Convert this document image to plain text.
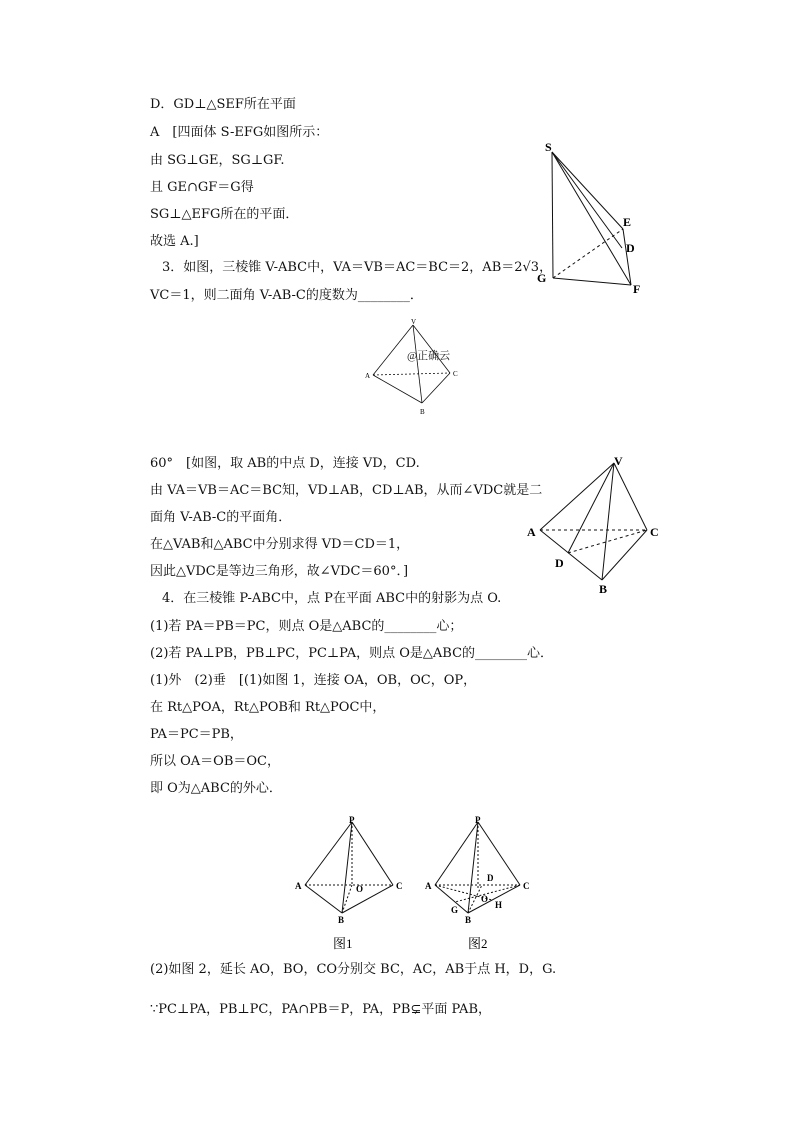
D．GD⊥△SEF所在平面
A　[四面体 S-EFG如图所示：
由 SG⊥GE，SG⊥GF.
且 GE∩GF＝G得
SG⊥△EFG所在的平面．
故选 A.]
3．如图，三棱锥 V-ABC中，VA＝VB＝AC＝BC＝2，AB＝2√3，
VC＝1，则二面角 V-AB-C的度数为________．
60°　[如图，取 AB的中点 D，连接 VD，CD.
由 VA＝VB＝AC＝BC知，VD⊥AB，CD⊥AB，从而∠VDC就是二
面角 V-AB-C的平面角．
在△VAB和△ABC中分别求得 VD＝CD＝1，
因此△VDC是等边三角形，故∠VDC＝60°．]
4．在三棱锥 P-ABC中，点 P在平面 ABC中的射影为点 O.
(1)若 PA＝PB＝PC，则点 O是△ABC的________心；
(2)若 PA⊥PB，PB⊥PC，PC⊥PA，则点 O是△ABC的________心．
(1)外　(2)垂　[(1)如图 1，连接 OA，OB，OC，OP，
在 Rt△POA，Rt△POB和 Rt△POC中，
PA＝PC＝PB，
所以 OA＝OB＝OC，
即 O为△ABC的外心．
(2)如图 2，延长 AO，BO，CO分别交 BC，AC，AB于点 H，D，G.
∵PC⊥PA，PB⊥PC，PA∩PB＝P，PA，PB⊊平面 PAB，
S
E
D
G
F
V
A	C
B
@正确云
V
A	C
D
B
P
A	C
O
B
图1
P
A	C
D
O
G	H
B
图2
